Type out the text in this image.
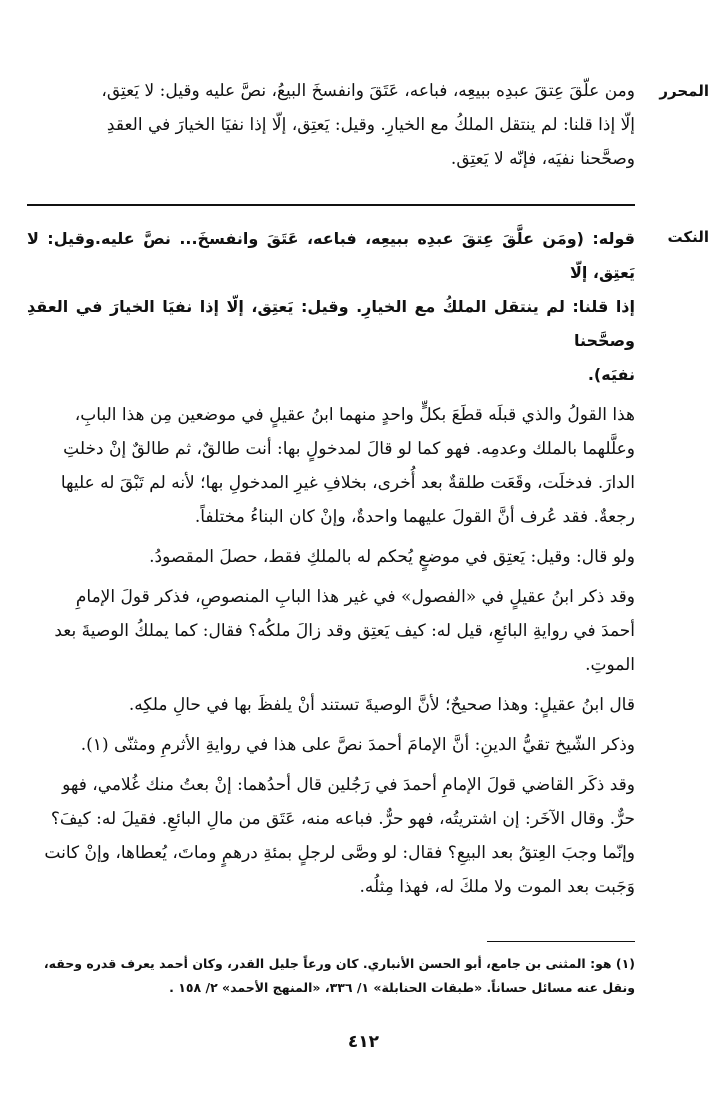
المحرر

ومن علّقَ عِتقَ عبدِه ببيعِه، فباعه، عَتَقَ وانفسخَ البيعُ، نصَّ عليه وقيل: لا يَعتِق،

إلّا إذا قلنا: لم ينتقل الملكُ مع الخيارِ. وقيل: يَعتِق، إلّا إذا نفيَا الخيارَ في العقدِ

وصحَّحنا نفيَه، فإنّه لا يَعتِق.

النكت

قوله: (ومَن علَّقَ عِتقَ عبدِه ببيعِه، فباعه، عَتَقَ وانفسخَ... نصَّ عليه.وقيل: لا يَعتِق، إلّا

إذا قلنا: لم ينتقل الملكُ مع الخيارِ. وقيل: يَعتِق، إلّا إذا نفيَا الخيارَ في العقدِ وصحَّحنا

نفيَه).

هذا القولُ والذي قبلَه قطَعَ بكلٍّ واحدٍ منهما ابنُ عقيلٍ في موضعين مِن هذا البابِ،

وعلَّلهما بالملك وعدمِه. فهو كما لو قالَ لمدخولٍ بها: أنت طالقٌ، ثم طالقٌ إنْ دخلتِ

الدارَ. فدخلَت، وقَعَت طلقةٌ بعد أُخرى، بخلافِ غيرِ المدخولِ بها؛ لأنه لم تَبْقَ له عليها

رجعةٌ. فقد عُرف أنَّ القولَ عليهما واحدةٌ، وإنْ كان البناءُ مختلفاً.

ولو قال: وقيل: يَعتِق في موضعٍ يُحكم له بالملكِ فقط، حصلَ المقصودُ.

وقد ذكر ابنُ عقيلٍ في «الفصول» في غير هذا البابِ المنصوصِ، فذكر قولَ الإمامِ

أحمدَ في روايةِ البائعِ، قيل له: كيف يَعتِق وقد زالَ ملكُه؟ فقال: كما يملكُ الوصيةَ بعد

الموتِ.

قال ابنُ عقيلٍ: وهذا صحيحٌ؛ لأنَّ الوصيةَ تستند أنْ يلفظَ بها في حالِ ملكِه.

وذكر الشّيخ تقيُّ الدينِ: أنَّ الإمامَ أحمدَ نصَّ على هذا في روايةِ الأثرمِ ومثنّى (١).

وقد ذكَر القاضي قولَ الإمامِ أحمدَ في رَجُلين قال أحدُهما: إنْ بعتُ منك غُلامي، فهو

حرٌّ. وقال الآخَر: إن اشتريتُه، فهو حرٌّ. فباعه منه، عَتَق من مالِ البائعِ. فقيلَ له: كيفَ؟

وإنّما وجبَ العِتقُ بعد البيعِ؟ فقال: لو وصَّى لرجلٍ بمئةِ درهمٍ وماتَ، يُعطاها، وإنْ كانت

وَجَبت بعد الموت ولا ملكَ له، فهذا مِثلُه.

(١) هو: المثنى بن جامع، أبو الحسن الأنباري. كان ورعاً جليل القدر، وكان أحمد يعرف قدره وحقه،

ونقل عنه مسائل حساناً. «طبقات الحنابلة» ١/ ٣٣٦، «المنهج الأحمد» ٢/ ١٥٨ .

٤١٢
